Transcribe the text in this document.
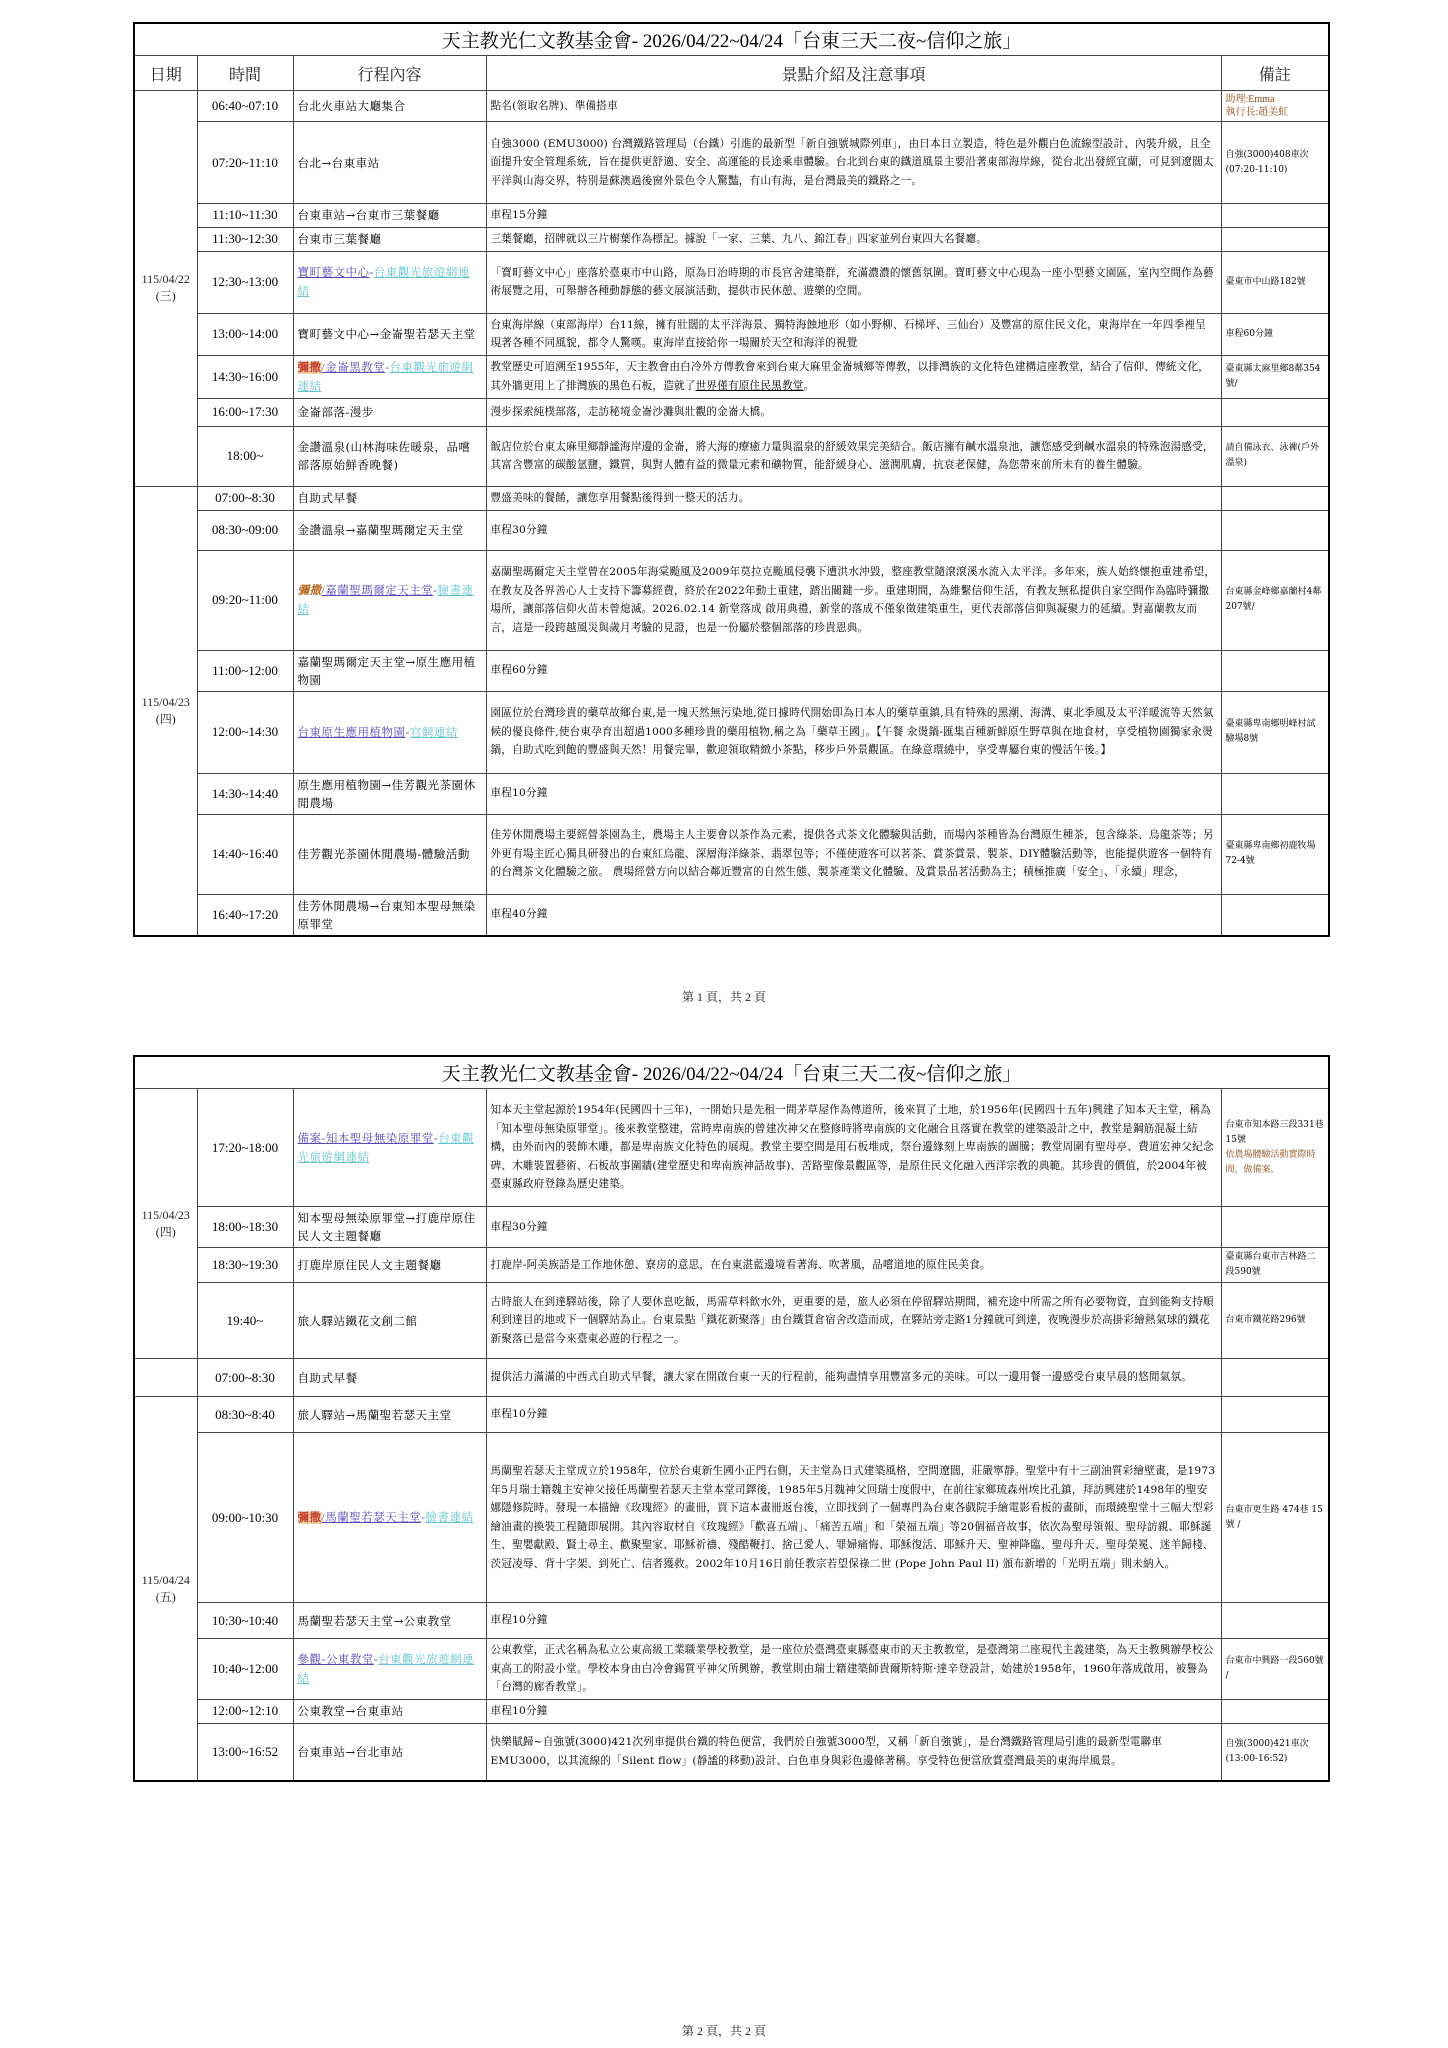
天主教光仁文教基金會- 2026/04/22~04/24「台東三天二夜~信仰之旅」				
日期	時間	行程內容	景點介紹及注意事項	備註
115/04/22
(三)	06:40~07:10	台北火車站大廳集合	點名(領取名牌)、準備搭車	助理:Emma
執行長:趙美虹
	07:20~11:10	台北→台東車站	自強3000 (EMU3000) 台灣鐵路管理局（台鐵）引進的最新型「新自強號城際列車」，由日本日立製造，特色是外觀白色流線型設計、內裝升級，且全面提升安全管理系統，旨在提供更舒適、安全、高運能的長途乘車體驗。台北到台東的鐵道風景主要沿著東部海岸線，從台北出發經宜蘭，可見到遼闊太平洋與山海交界，特別是蘇澳過後窗外景色令人驚豔，有山有海，是台灣最美的鐵路之一。	自強(3000)408車次(07:20-11:10)
	11:10~11:30	台東車站→台東市三葉餐廳	車程15分鐘	
	11:30~12:30	台東市三葉餐廳	三葉餐廳，招牌就以三片樹葉作為標記。據說「一家、三葉、九八、錦江春」四家並列台東四大名餐廳。	
	12:30~13:00	寶町藝文中心-台東觀光旅遊網連結	「寶町藝文中心」座落於臺東市中山路，原為日治時期的市長官舍建築群，充滿濃濃的懷舊氛圍。寶町藝文中心現為一座小型藝文園區，室內空間作為藝術展覽之用，可舉辦各種動靜態的藝文展演活動，提供市民休憩、遊樂的空間。	臺東市中山路182號
	13:00~14:00	寶町藝文中心→金崙聖若瑟天主堂	台東海岸線（東部海岸）台11線，擁有壯闊的太平洋海景、獨特海蝕地形（如小野柳、石梯坪、三仙台）及豐富的原住民文化，東海岸在一年四季裡呈現著各種不同風貌，都令人驚嘆。東海岸直接給你一場關於天空和海洋的視覺	車程60分鐘
	14:30~16:00	彌撒/金崙黑教堂-台東觀光旅遊網連結	教堂歷史可追溯至1955年，天主教會由白冷外方傳教會來到台東大麻里金崙城鄉等傳教，以排灣族的文化特色建構這座教堂，結合了信仰、傳統文化，其外牆更用上了排灣族的黑色石板，造就了世界僅有原住民黑教堂。	臺東縣太麻里鄉8鄰354號/
	16:00~17:30	金崙部落-漫步	漫步探索純樸部落，走訪秘境金崙沙灘與壯觀的金崙大橋。	
	18:00~	金讚溫泉(山林海味佐暖泉，品嚐部落原始鮮香晚餐)	飯店位於台東太麻里鄉靜謐海岸邊的金崙，將大海的療癒力量與溫泉的舒緩效果完美結合。飯店擁有鹹水溫泉池，讓您感受到鹹水溫泉的特殊泡湯感受，其富含豐富的碳酸氫鹽，鐵質，與對人體有益的微量元素和礦物質，能舒緩身心、滋潤肌膚，抗衰老保健，為您帶來前所未有的養生體驗。	請自備泳衣、泳褲(戶外溫泉)
115/04/23
(四)	07:00~8:30	自助式早餐	豐盛美味的餐餚，讓您享用餐點後得到一整天的活力。	
	08:30~09:00	金讚溫泉→嘉蘭聖瑪爾定天主堂	車程30分鐘	
	09:20~11:00	彌撒/嘉蘭聖瑪爾定天主堂-臉書連結	嘉蘭聖瑪爾定天主堂曾在2005年海棠颱風及2009年莫拉克颱風侵襲下遭洪水沖毀，整座教堂隨滾滾溪水流入太平洋。多年來，族人始終懷抱重建希望，在教友及各界善心人士支持下籌募經費，終於在2022年動土重建，踏出關鍵一步。重建期間，為維繫信仰生活，有教友無私提供自家空間作為臨時彌撒場所，讓部落信仰火苗未曾熄滅。2026.02.14 新堂落成 啟用典禮，新堂的落成不僅象徵建築重生，更代表部落信仰與凝聚力的延續。對嘉蘭教友而言，這是一段跨越風災與歲月考驗的見證，也是一份屬於整個部落的珍貴恩典。	台東縣金峰鄉嘉蘭村4鄰207號/
	11:00~12:00	嘉蘭聖瑪爾定天主堂→原生應用植物園	車程60分鐘	
	12:00~14:30	台東原生應用植物園-官網連結	園區位於台灣珍貴的藥草故鄉台東,是一塊天然無污染地,從日據時代開始即為日本人的藥草重鎮,具有特殊的黑潮、海溝、東北季風及太平洋暖流等天然氣候的優良條件,使台東孕育出超過1000多種珍貴的藥用植物,稱之為「藥草王國」。【午餐 汆燙鍋-匯集百種新鮮原生野草與在地食材，享受植物園獨家汆燙鍋，自助式吃到飽的豐盛與天然！用餐完畢，歡迎領取精緻小茶點，移步戶外景觀區。在綠意環繞中，享受專屬台東的慢活午後。】	臺東縣卑南鄉明峰村試驗場8號
	14:30~14:40	原生應用植物園→佳芳觀光茶園休閒農場	車程10分鐘	
	14:40~16:40	佳芳觀光茶園休閒農場-體驗活動	佳芳休閒農場主要經營茶園為主，農場主人主要會以茶作為元素，提供各式茶文化體驗與活動，而場內茶種皆為台灣原生種茶，包含綠茶、烏龍茶等；另外更有場主匠心獨具研發出的台東紅烏龍、深層海洋綠茶、翡翠包等；不僅使遊客可以茗茶、賞茶賞景、製茶、DIY體驗活動等，也能提供遊客一個特有的台灣茶文化體驗之旅。 農場經營方向以結合鄰近豐富的自然生態、製茶產業文化體驗、及賞景品茗活動為主；積極推廣「安全」、「永續」理念，	臺東縣卑南鄉初鹿牧場72-4號
	16:40~17:20	佳芳休閒農場→台東知本聖母無染原罪堂	車程40分鐘	
第 1 頁，共 2 頁
天主教光仁文教基金會- 2026/04/22~04/24「台東三天二夜~信仰之旅」				
115/04/23
(四)	17:20~18:00	備案-知本聖母無染原罪堂-台東觀光旅遊網連結	知本天主堂起源於1954年(民國四十三年)，一開始只是先租一間茅草屋作為傳道所，後來買了土地，於1956年(民國四十五年)興建了知本天主堂，稱為「知本聖母無染原罪堂」。後來教堂整建，當時卑南族的曾建次神父在整修時將卑南族的文化融合且落實在教堂的建築設計之中，教堂是鋼筋混凝土結構，由外而內的裝飾木雕，都是卑南族文化特色的展現。教堂主要空間是用石板堆成，祭台邊緣刻上卑南族的圖騰；教堂周圍有聖母亭、費道宏神父紀念碑、木雕裝置藝術、石板故事圍牆(建堂歷史和卑南族神話故事)、苦路聖像景觀區等，是原住民文化融入西洋宗教的典範。其珍貴的價值，於2004年被臺東縣政府登錄為歷史建築。	台東市知本路三段331巷15號
依農場體驗活動實際時間，做備案。
	18:00~18:30	知本聖母無染原罪堂→打鹿岸原住民人文主題餐廳	車程30分鐘	
	18:30~19:30	打鹿岸原住民人文主題餐廳	打鹿岸-阿美族語是工作地休憩、寮房的意思，在台東湛藍邊境看著海、吹著風，品嚐道地的原住民美食。	臺東縣台東市吉林路二段590號
	19:40~	旅人驛站鐵花文創二館	古時旅人在到達驛站後，除了人要休息吃飯，馬需草料飲水外，更重要的是，旅人必須在停留驛站期間，補充途中所需之所有必要物資，直到能夠支持順利到達目的地或下一個驛站為止。台東景點「鐵花新聚落」由台鐵貨倉宿舍改造而成，在驛站旁走路1分鐘就可到達，夜晚漫步於高掛彩繪熱氣球的鐵花新聚落已是當今來臺東必遊的行程之一。	台東市鐵花路296號
	07:00~8:30	自助式早餐	提供活力滿滿的中西式自助式早餐，讓大家在開啟台東一天的行程前，能夠盡情享用豐富多元的美味。可以一邊用餐一邊感受台東早晨的悠閒氣氛。	
115/04/24
(五)	08:30~8:40	旅人驛站→馬蘭聖若瑟天主堂	車程10分鐘	
	09:00~10:30	彌撒/馬蘭聖若瑟天主堂-臉書連結	馬蘭聖若瑟天主堂成立於1958年，位於台東新生國小正門右側，天主堂為日式建築風格，空間遼闊，莊嚴寧靜。聖堂中有十三副油質彩繪壁畫，是1973年5月瑞士籍魏主安神父接任馬蘭聖若瑟天主堂本堂司鐸後，1985年5月魏神父回瑞士度假中，在前往家鄉琉森州埃比孔鎮，拜訪興建於1498年的聖安娜隱修院時。發現一本描繪《玫瑰經》的畫冊，買下這本畫冊返台後，立即找到了一個專門為台東各戲院手繪電影看板的畫師，而環繞聖堂十三幅大型彩繪油畫的換裝工程隨即展開。其內容取材自《玫瑰經》「歡喜五端」、「痛苦五端」和「榮福五端」等20個福音故事，依次為聖母領報、聖母訪親、耶穌誕生、聖嬰獻殿、賢士尋主、歡聚聖家、耶穌祈禱、殘酷鞭打、捨己愛人、罪婦痛悔、耶穌復活、耶穌升天、聖神降臨、聖母升天、聖母榮冕、迷羊歸棧、茨冠凌辱、背十字架、到死亡、信者獲救。2002年10月16日前任教宗若望保祿二世 (Pope John Paul II) 頒布新增的「光明五端」則未納入。	台東市更生路 474巷 15 號 /
	10:30~10:40	馬蘭聖若瑟天主堂→公東教堂	車程10分鐘	
	10:40~12:00	參觀-公東教堂-台東觀光旅遊網連結	公東教堂，正式名稱為私立公東高級工業職業學校教堂，是一座位於臺灣臺東縣臺東市的天主教教堂，是臺灣第二座現代主義建築，為天主教興辦學校公東高工的附設小堂。學校本身由白冷會錫質平神父所興辦，教堂則由瑞士籍建築師貴爾斯特斯·達辛登設計，始建於1958年，1960年落成啟用，被譽為「台灣的廊香教堂」。	台東市中興路一段560號 /
	12:00~12:10	公東教堂→台東車站	車程10分鐘	
	13:00~16:52	台東車站→台北車站	快樂賦歸~自強號(3000)421次列車提供台鐵的特色便當，我們於自強號3000型，又稱「新自強號」，是台灣鐵路管理局引進的最新型電聯車EMU3000，以其流線的「Silent flow」(靜謐的移動)設計、白色車身與彩色邊條著稱。享受特色便當欣賞臺灣最美的東海岸風景。	自強(3000)421車次(13:00-16:52)
第 2 頁，共 2 頁
